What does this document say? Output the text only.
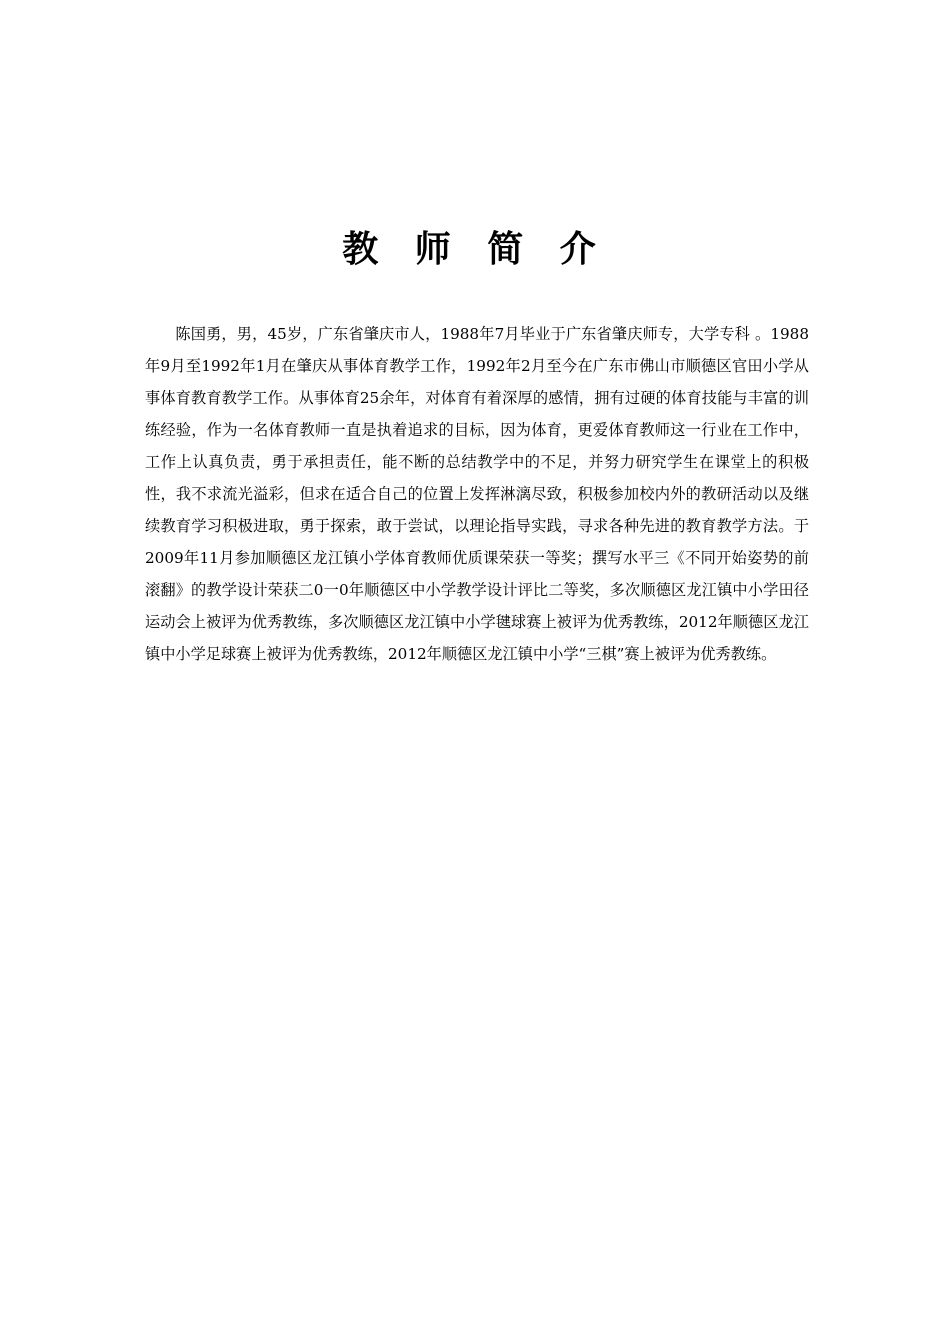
教 师 简 介

陈国勇，男，45岁，广东省肇庆市人，1988年7月毕业于广东省肇庆师专，大学专科 。1988年9月至1992年1月在肇庆从事体育教学工作，1992年2月至今在广东市佛山市顺德区官田小学从事体育教育教学工作。从事体育25余年，对体育有着深厚的感情，拥有过硬的体育技能与丰富的训练经验，作为一名体育教师一直是执着追求的目标，因为体育，更爱体育教师这一行业在工作中，工作上认真负责，勇于承担责任，能不断的总结教学中的不足，并努力研究学生在课堂上的积极性，我不求流光溢彩，但求在适合自己的位置上发挥淋漓尽致，积极参加校内外的教研活动以及继续教育学习积极进取，勇于探索，敢于尝试，以理论指导实践，寻求各种先进的教育教学方法。于2009年11月参加顺德区龙江镇小学体育教师优质课荣获一等奖；撰写水平三《不同开始姿势的前滚翻》的教学设计荣获二0一0年顺德区中小学教学设计评比二等奖，多次顺德区龙江镇中小学田径运动会上被评为优秀教练，多次顺德区龙江镇中小学毽球赛上被评为优秀教练，2012年顺德区龙江镇中小学足球赛上被评为优秀教练，2012年顺德区龙江镇中小学“三棋”赛上被评为优秀教练。
